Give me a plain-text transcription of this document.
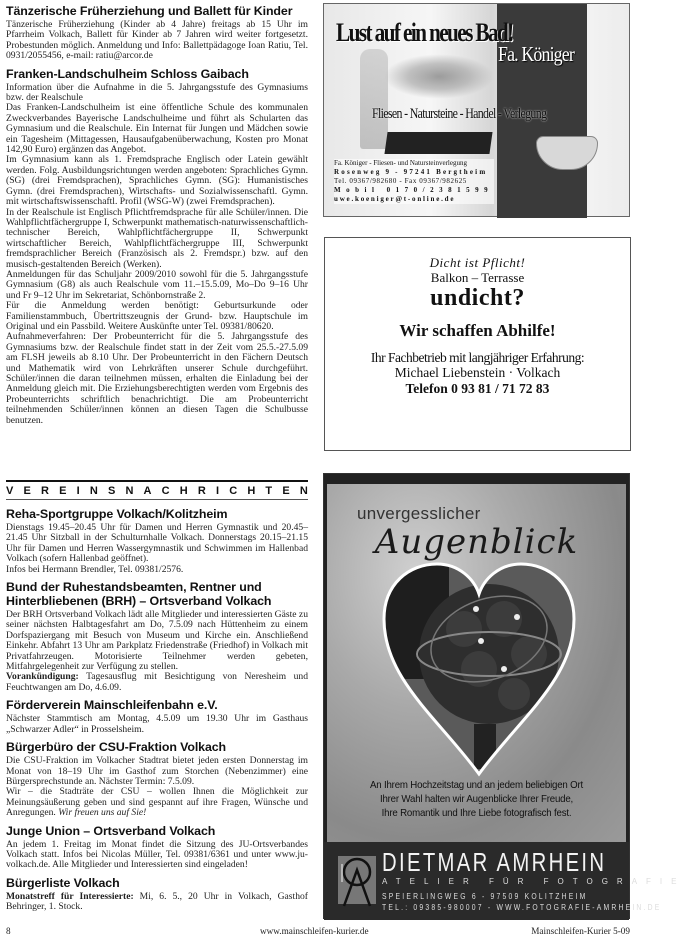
Tänzerische Früherziehung und Ballett für Kinder

Tänzerische Früherziehung (Kinder ab 4 Jahre) freitags ab 15 Uhr im Pfarrheim Volkach, Ballett für Kinder ab 7 Jahren wird weiter fortgesetzt. Probestunden möglich. Anmeldung und Info: Ballettpädagoge Ioan Ratiu, Tel. 0931/2055456, e-mail: ratiu@arcor.de

Franken-Landschulheim Schloss Gaibach

Information über die Aufnahme in die 5. Jahrgangsstufe des Gymnasiums bzw. der Realschule

Das Franken-Landschulheim ist eine öffentliche Schule des kommunalen Zweckverbandes Bayerische Landschulheime und führt als Schularten das Gymnasium und die Realschule. Ein Internat für Jungen und Mädchen sowie ein Tagesheim (Mittagessen, Hausaufgabenüberwachung, Kosten pro Monat 142,90 Euro) ergänzen das Angebot.

Im Gymnasium kann als 1. Fremdsprache Englisch oder Latein gewählt werden. Folg. Ausbildungsrichtungen werden angeboten: Sprachliches Gymn. (SG) (drei Fremdsprachen), Sprachliches Gymn. (SG): Humanistisches Gymn. (drei Fremdsprachen), Wirtschafts- und Sozialwissenschaftl. Gymn. mit wirtschaftswissenschaftl. Profil (WSG-W) (zwei Fremdsprachen).

In der Realschule ist Englisch Pflichtfremdsprache für alle Schüler/innen. Die Wahlpflichtfächergruppe I, Schwerpunkt mathematisch-naturwissenschaftlich-technischer Bereich, Wahlpflichtfächergruppe II, Schwerpunkt wirtschaftlicher Bereich, Wahlpflichtfächergruppe III, Schwerpunkt fremdsprachlicher Bereich (Französisch als 2. Fremdspr.) bzw. auf den musisch-gestaltenden Bereich (Werken).

Anmeldungen für das Schuljahr 2009/2010 sowohl für die 5. Jahrgangsstufe Gymnasium (G8) als auch Realschule vom 11.–15.5.09, Mo–Do 9–16 Uhr und Fr 9–12 Uhr im Sekretariat, Schönbornstraße 2.

Für die Anmeldung werden benötigt: Geburtsurkunde oder Familienstammbuch, Übertrittszeugnis der Grund- bzw. Hauptschule im Original und ein Passbild. Weitere Auskünfte unter Tel. 09381/80620.

Aufnahmeverfahren: Der Probeunterricht für die 5. Jahrgangsstufe des Gymnasiums bzw. der Realschule findet statt in der Zeit vom 25.5.-27.5.09 am FLSH jeweils ab 8.10 Uhr. Der Probeunterricht in den Fächern Deutsch und Mathematik wird von Lehrkräften unserer Schule durchgeführt. Schüler/innen die daran teilnehmen müssen, erhalten die Einladung bei der Anmeldung gleich mit. Die Erziehungsberechtigten werden vom Ergebnis des Probeunterrichts schriftlich benachrichtigt. Die am Probeunterricht teilnehmenden Schüler/innen können an diesen Tagen die Schulbusse benutzen.

V E R E I N S N A C H R I C H T E N
Reha-Sportgruppe Volkach/Kolitzheim

Dienstags 19.45–20.45 Uhr für Damen und Herren Gymnastik und 20.45–21.45 Uhr Sitzball in der Schulturnhalle Volkach. Donnerstags 20.15–21.15 Uhr für Damen und Herren Wassergymnastik und Schwimmen im Hallenbad Volkach (sofern Hallenbad geöffnet).

Infos bei Hermann Brendler, Tel. 09381/2576.

Bund der Ruhestandsbeamten, Rentner und Hinterbliebenen (BRH) – Ortsverband Volkach

Der BRH Ortsverband Volkach lädt alle Mitglieder und interessierten Gäste zu seiner nächsten Halbtagesfahrt am Do, 7.5.09 nach Hüttenheim zu einem Dorfspaziergang mit Besuch von Museum und Kirche ein. Anschließend Einkehr. Abfahrt 13 Uhr am Parkplatz Friedenstraße (Friedhof) in Volkach mit Privatfahrzeugen. Motorisierte Teilnehmer werden gebeten, Mitfahrgelegenheit zur Verfügung zu stellen.

Vorankündigung: Tagesausflug mit Besichtigung von Neresheim und Feuchtwangen am Do, 4.6.09.

Förderverein Mainschleifenbahn e.V.

Nächster Stammtisch am Montag, 4.5.09 um 19.30 Uhr im Gasthaus „Schwarzer Adler“ in Prosselsheim.

Bürgerbüro der CSU-Fraktion Volkach

Die CSU-Fraktion im Volkacher Stadtrat bietet jeden ersten Donnerstag im Monat von 18–19 Uhr im Gasthof zum Storchen (Nebenzimmer) eine Bürgersprechstunde an. Nächster Termin: 7.5.09.

Wir – die Stadträte der CSU – wollen Ihnen die Möglichkeit zur Meinungsäußerung geben und sind gespannt auf ihre Fragen, Wünsche und Anregungen. Wir freuen uns auf Sie!

Junge Union – Ortsverband Volkach

An jedem 1. Freitag im Monat findet die Sitzung des JU-Ortsverbandes Volkach statt. Infos bei Nicolas Müller, Tel. 09381/6361 und unter www.ju-volkach.de. Alle Mitglieder und Interessierten sind eingeladen!

Bürgerliste Volkach

Monatstreff für Interessierte: Mi, 6. 5., 20 Uhr in Volkach, Gasthof Behringer, 1. Stock.

Lust auf ein neues Bad!
Fa. Königer
Fliesen - Natursteine - Handel - Verlegung
Fa. Königer - Fliesen- und Natursteinverlegung
Rosenweg 9 - 97241 Bergtheim
Tel. 09367/982680 - Fax 09367/982625
Mobil 0170/2381599
uwe.koeniger@t-online.de
Dicht ist Pflicht!
Balkon – Terrasse
undicht?
Wir schaffen Abhilfe!
Ihr Fachbetrieb mit langjähriger Erfahrung:
Michael Liebenstein · Volkach
Telefon 0 93 81 / 71 72 83
unvergesslicher
Augenblick
An Ihrem Hochzeitstag und an jedem beliebigen Ort
Ihrer Wahl halten wir Augenblicke Ihrer Freude,
Ihre Romantik und Ihre Liebe fotografisch fest.
DIETMAR AMRHEIN
ATELIER FÜR FOTOGRAFIE
SPEIERLINGWEG 6 - 97509 KOLITZHEIM
TEL.: 09385-980007 - WWW.FOTOGRAFIE-AMRHEIN.DE
8	www.mainschleifen-kurier.de	Mainschleifen-Kurier 5-09
